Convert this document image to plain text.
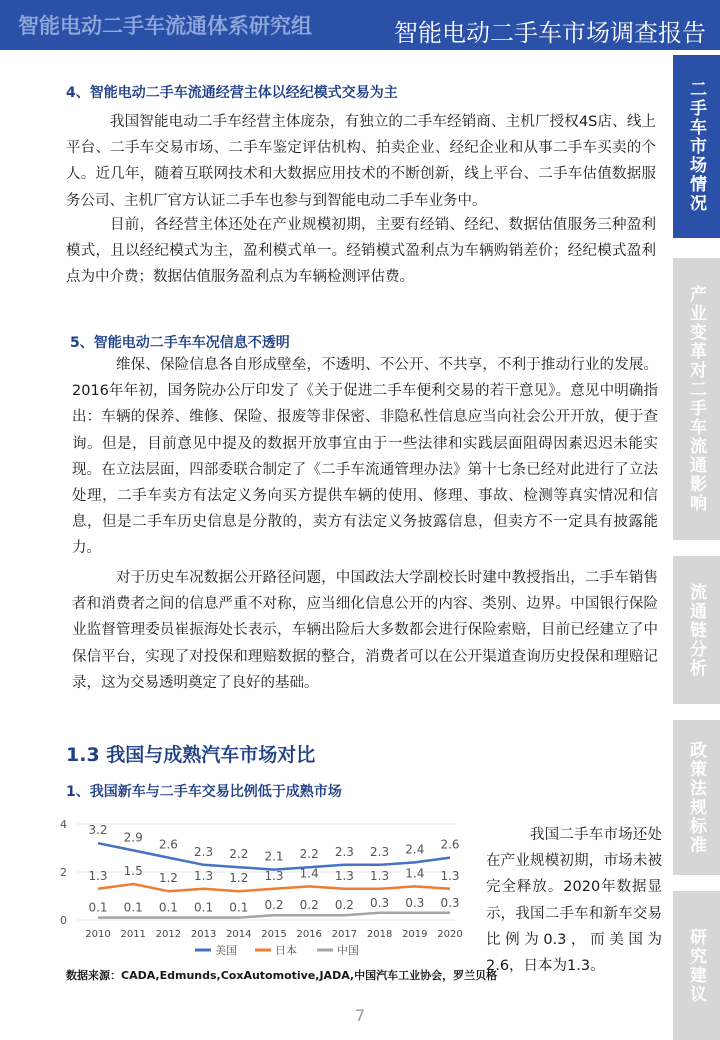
智能电动二手车流通体系研究组	智能电动二手车市场调查报告
二手车市场情况
产业变革对二手车流通影响
流通链分析
政策法规标准
研究建议
4、智能电动二手车流通经营主体以经纪模式交易为主
我国智能电动二手车经营主体庞杂，有独立的二手车经销商、主机厂授权4S店、线上平台、二手车交易市场、二手车鉴定评估机构、拍卖企业、经纪企业和从事二手车买卖的个人。近几年，随着互联网技术和大数据应用技术的不断创新，线上平台、二手车估值数据服务公司、主机厂官方认证二手车也参与到智能电动二手车业务中。
目前，各经营主体还处在产业规模初期，主要有经销、经纪、数据估值服务三种盈利模式，且以经纪模式为主，盈利模式单一。经销模式盈利点为车辆购销差价；经纪模式盈利点为中介费；数据估值服务盈利点为车辆检测评估费。
5、智能电动二手车车况信息不透明
维保、保险信息各自形成壁垒，不透明、不公开、不共享，不利于推动行业的发展。2016年年初，国务院办公厅印发了《关于促进二手车便利交易的若干意见》。意见中明确指出：车辆的保养、维修、保险、报废等非保密、非隐私性信息应当向社会公开开放，便于查询。但是，目前意见中提及的数据开放事宜由于一些法律和实践层面阻碍因素迟迟未能实现。在立法层面，四部委联合制定了《二手车流通管理办法》第十七条已经对此进行了立法处理，二手车卖方有法定义务向买方提供车辆的使用、修理、事故、检测等真实情况和信息，但是二手车历史信息是分散的，卖方有法定义务披露信息，但卖方不一定具有披露能力。
对于历史车况数据公开路径问题，中国政法大学副校长时建中教授指出，二手车销售者和消费者之间的信息严重不对称，应当细化信息公开的内容、类别、边界。中国银行保险业监督管理委员崔振海处长表示，车辆出险后大多数都会进行保险索赔，目前已经建立了中保信平台，实现了对投保和理赔数据的整合，消费者可以在公开渠道查询历史投保和理赔记录，这为交易透明奠定了良好的基础。
1.3 我国与成熟汽车市场对比
1、我国新车与二手车交易比例低于成熟市场
0
2
4
2010 2011 2012 2013 2014 2015 2016 2017 2018 2019 2020
3.2
2.9
2.6
2.3 2.2 2.1 2.2 2.3 2.3 2.4 2.6
1.3 1.5
1.2 1.3 1.2 1.3 1.4 1.3 1.3 1.4 1.3
0.1 0.1 0.1 0.1 0.1 0.2 0.2 0.2 0.3 0.3 0.3
美国	日本	中国
我国二手车市场还处在产业规模初期，市场未被完全释放。2020年数据显示，我国二手车和新车交易比例为0.3，而美国为2.6，日本为1.3。
数据来源：CADA,Edmunds,CoxAutomotive,JADA,中国汽车工业协会，罗兰贝格
7
